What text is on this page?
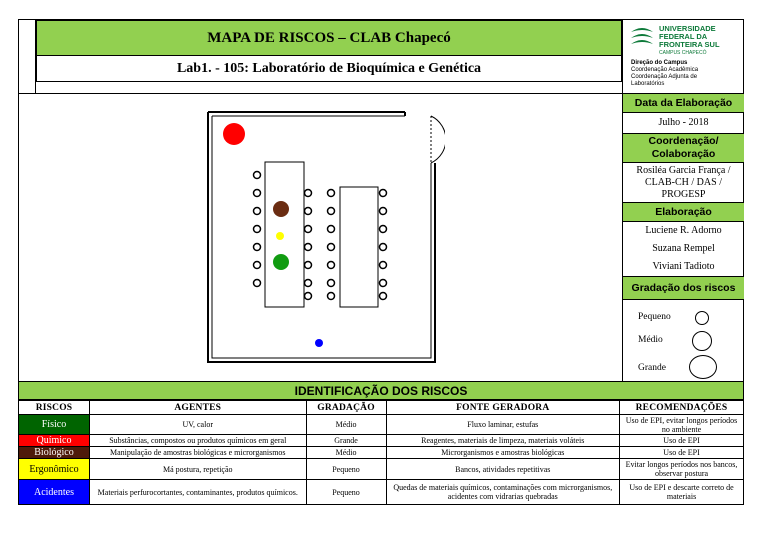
MAPA DE RISCOS – CLAB Chapecó
Lab1. - 105: Laboratório de Bioquímica e Genética
UNIVERSIDADE
FEDERAL DA
FRONTEIRA SUL
CAMPUS CHAPECÓ
Direção do Campus
Coordenação Acadêmica
Coordenação Adjunta de
Laboratórios
Data da Elaboração
Julho - 2018
Coordenação/
Colaboração
Rosiléa Garcia França /
CLAB-CH / DAS /
PROGESP
Elaboração
Luciene R. Adorno
Suzana Rempel
Viviani Tadioto
Gradação dos riscos
Pequeno
Médio
Grande
IDENTIFICAÇÃO DOS RISCOS
RISCOS	AGENTES	GRADAÇÃO	FONTE GERADORA	RECOMENDAÇÕES
Físico	UV, calor	Médio	Fluxo laminar, estufas	Uso de EPI, evitar longos períodos no ambiente
Químico	Substâncias, compostos ou produtos químicos em geral	Grande	Reagentes, materiais de limpeza, materiais voláteis	Uso de EPI
Biológico	Manipulação de amostras biológicas e microrganismos	Médio	Microrganismos e amostras biológicas	Uso de EPI
Ergonômico	Má postura, repetição	Pequeno	Bancos, atividades repetitivas	Evitar longos períodos nos bancos, observar postura
Acidentes	Materiais perfurocortantes, contaminantes, produtos químicos.	Pequeno	Quedas de materiais químicos, contaminações com microrganismos, acidentes com vidrarias quebradas	Uso de EPI e descarte correto de materiais
